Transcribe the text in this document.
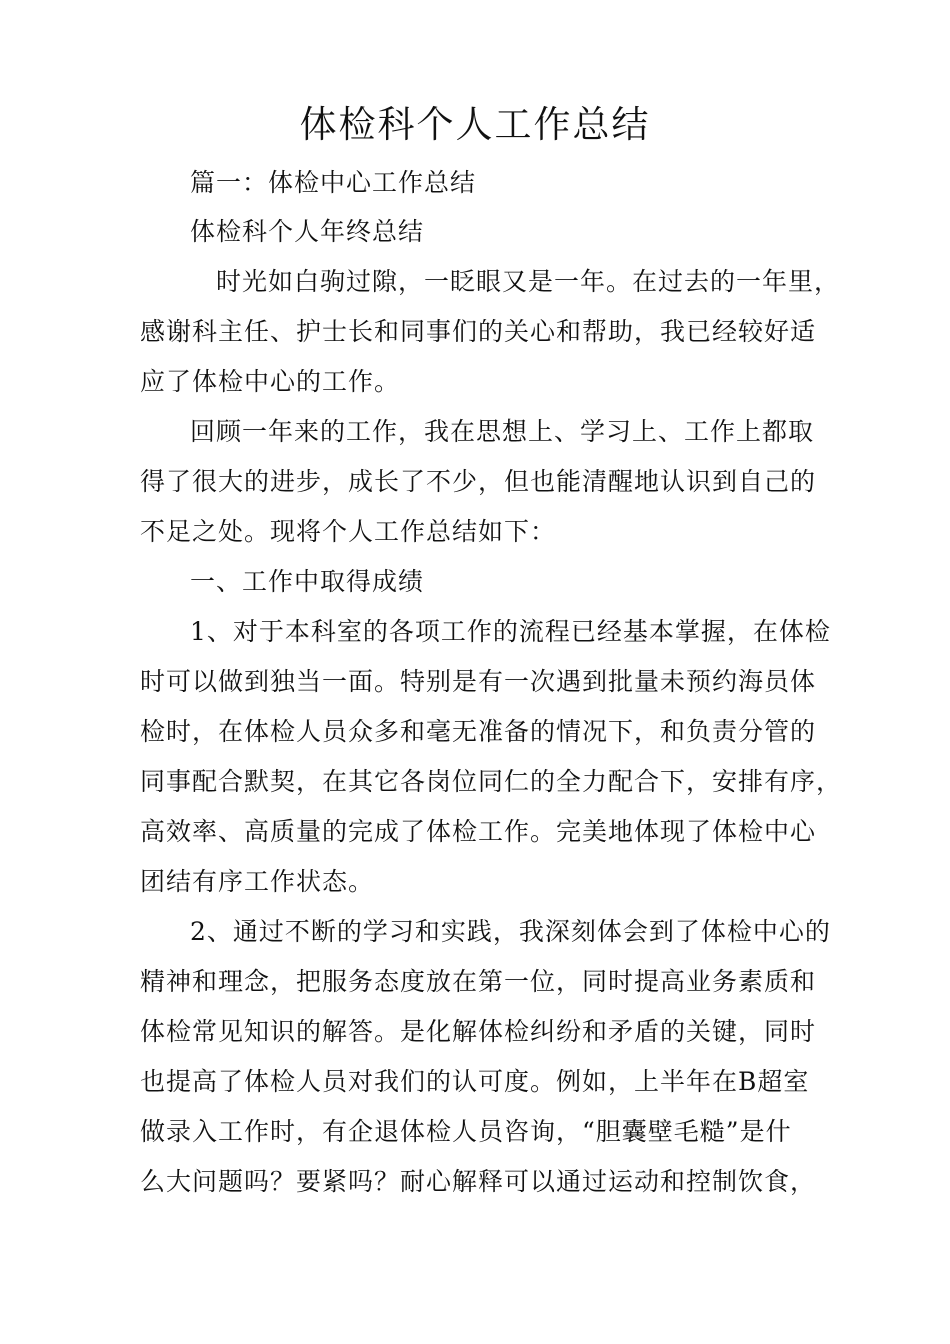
体检科个人工作总结
篇一：体检中心工作总结
体检科个人年终总结
时光如白驹过隙，一眨眼又是一年。在过去的一年里，
感谢科主任、护士长和同事们的关心和帮助，我已经较好适
应了体检中心的工作。
回顾一年来的工作，我在思想上、学习上、工作上都取
得了很大的进步，成长了不少，但也能清醒地认识到自己的
不足之处。现将个人工作总结如下：
一、工作中取得成绩
1、对于本科室的各项工作的流程已经基本掌握，在体检
时可以做到独当一面。特别是有一次遇到批量未预约海员体
检时，在体检人员众多和毫无准备的情况下，和负责分管的
同事配合默契，在其它各岗位同仁的全力配合下，安排有序，
高效率、高质量的完成了体检工作。完美地体现了体检中心
团结有序工作状态。
2、通过不断的学习和实践，我深刻体会到了体检中心的
精神和理念，把服务态度放在第一位，同时提高业务素质和
体检常见知识的解答。是化解体检纠纷和矛盾的关键，同时
也提高了体检人员对我们的认可度。例如，上半年在B超室
做录入工作时，有企退体检人员咨询，“胆囊壁毛糙”是什
么大问题吗？要紧吗？耐心解释可以通过运动和控制饮食，
